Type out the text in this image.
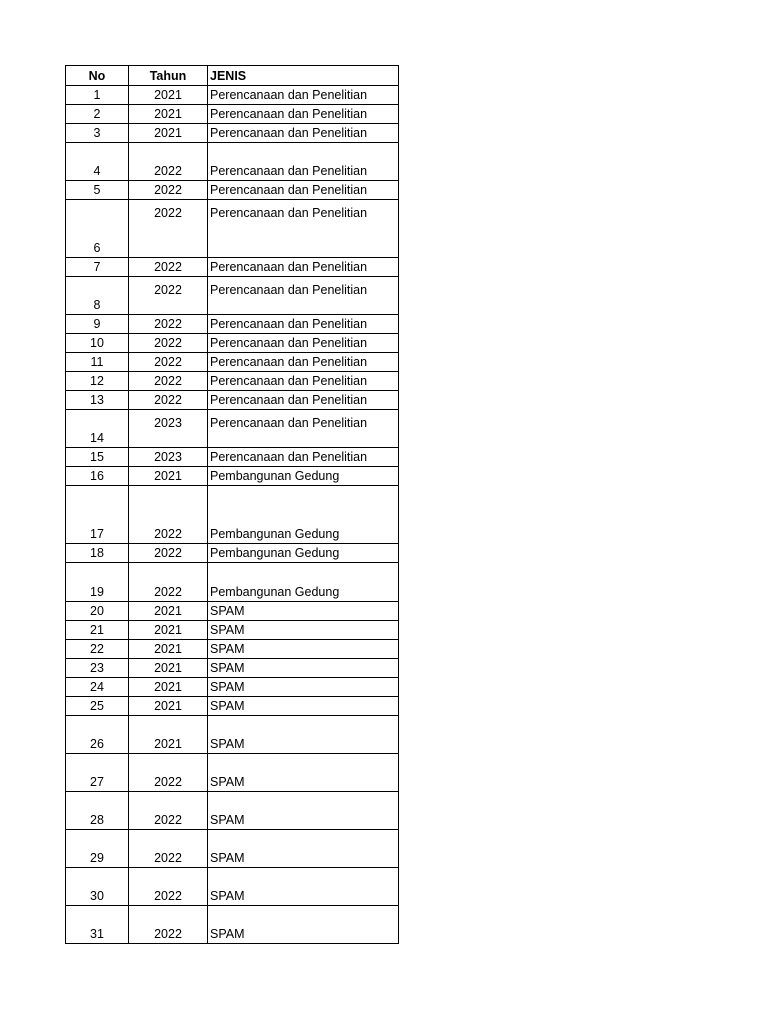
No	Tahun	JENIS
1	2021	Perencanaan dan Penelitian
2	2021	Perencanaan dan Penelitian
3	2021	Perencanaan dan Penelitian
4	2022	Perencanaan dan Penelitian
5	2022	Perencanaan dan Penelitian
6	2022	Perencanaan dan Penelitian
7	2022	Perencanaan dan Penelitian
8	2022	Perencanaan dan Penelitian
9	2022	Perencanaan dan Penelitian
10	2022	Perencanaan dan Penelitian
11	2022	Perencanaan dan Penelitian
12	2022	Perencanaan dan Penelitian
13	2022	Perencanaan dan Penelitian
14	2023	Perencanaan dan Penelitian
15	2023	Perencanaan dan Penelitian
16	2021	Pembangunan Gedung
17	2022	Pembangunan Gedung
18	2022	Pembangunan Gedung
19	2022	Pembangunan Gedung
20	2021	SPAM
21	2021	SPAM
22	2021	SPAM
23	2021	SPAM
24	2021	SPAM
25	2021	SPAM
26	2021	SPAM
27	2022	SPAM
28	2022	SPAM
29	2022	SPAM
30	2022	SPAM
31	2022	SPAM
